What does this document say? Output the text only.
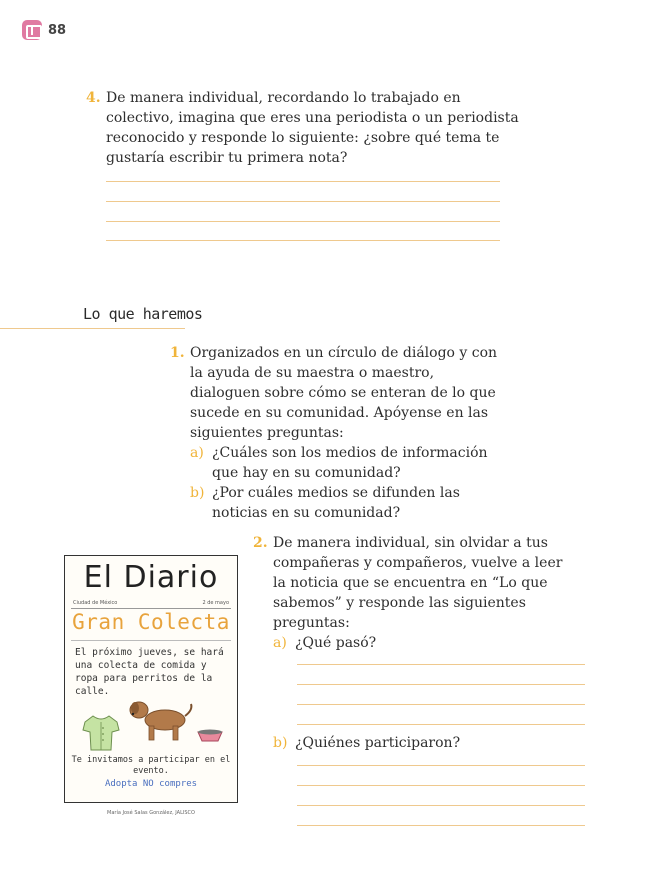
88
4. De manera individual, recordando lo trabajado en colectivo, imagina que eres una periodista o un periodista reconocido y responde lo siguiente: ¿sobre qué tema te gustaría escribir tu primera nota?

Lo que haremos
1. Organizados en un círculo de diálogo y con la ayuda de su maestra o maestro, dialoguen sobre cómo se enteran de lo que sucede en su comunidad. Apóyense en las siguientes preguntas:

a) ¿Cuáles son los medios de información que hay en su comunidad?
b) ¿Por cuáles medios se difunden las noticias en su comunidad?
2. De manera individual, sin olvidar a tus compañeras y compañeros, vuelve a leer la noticia que se encuentra en “Lo que sabemos” y responde las siguientes preguntas:

a) ¿Qué pasó?
b) ¿Quiénes participaron?
El Diario
Ciudad de México	2 de mayo
Gran Colecta
El próximo jueves, se hará una colecta de comida y ropa para perritos de la calle.
Te invitamos a participar en el evento.
Adopta NO compres
María José Salas González, JALISCO
